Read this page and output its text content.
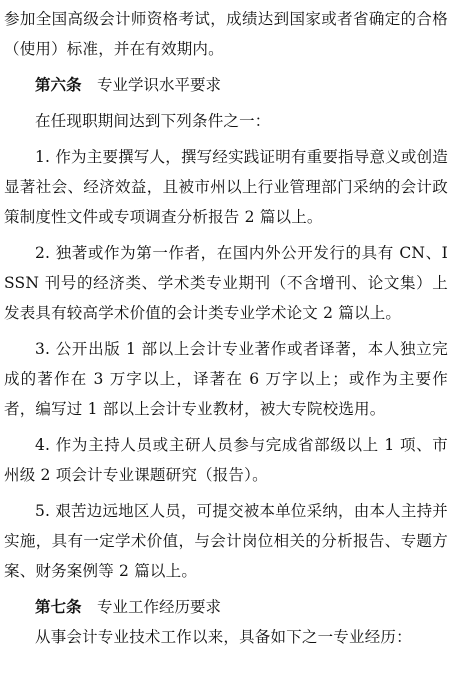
参加全国高级会计师资格考试，成绩达到国家或者省确定的合格（使用）标准，并在有效期内。

第六条 专业学识水平要求

在任现职期间达到下列条件之一：

1. 作为主要撰写人，撰写经实践证明有重要指导意义或创造显著社会、经济效益，且被市州以上行业管理部门采纳的会计政策制度性文件或专项调查分析报告 2 篇以上。

2. 独著或作为第一作者，在国内外公开发行的具有 CN、ISSN 刊号的经济类、学术类专业期刊（不含增刊、论文集）上发表具有较高学术价值的会计类专业学术论文 2 篇以上。

3. 公开出版 1 部以上会计专业著作或者译著，本人独立完成的著作在 3 万字以上，译著在 6 万字以上；或作为主要作者，编写过 1 部以上会计专业教材，被大专院校选用。

4. 作为主持人员或主研人员参与完成省部级以上 1 项、市州级 2 项会计专业课题研究（报告）。

5. 艰苦边远地区人员，可提交被本单位采纳，由本人主持并实施，具有一定学术价值，与会计岗位相关的分析报告、专题方案、财务案例等 2 篇以上。

第七条 专业工作经历要求

从事会计专业技术工作以来，具备如下之一专业经历：
